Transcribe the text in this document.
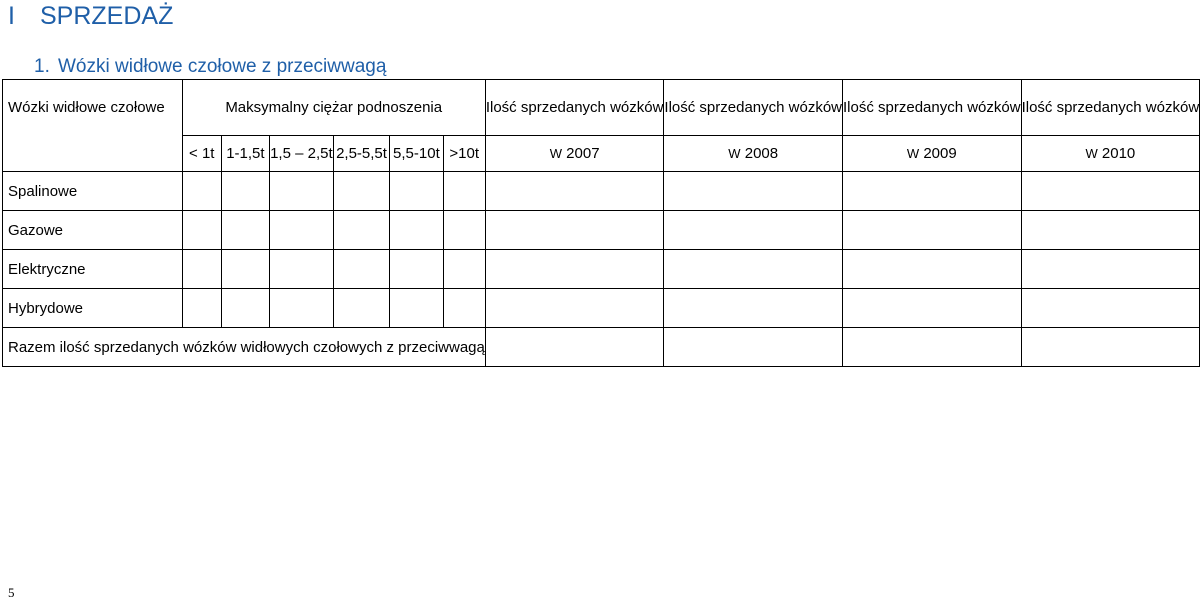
I SPRZEDAŻ
1. Wózki widłowe czołowe z przeciwwagą
Wózki widłowe czołowe	Maksymalny ciężar podnoszenia						Ilość sprzedanych wózków	Ilość sprzedanych wózków	Ilość sprzedanych wózków	Ilość sprzedanych wózków
	< 1t	1-1,5t	1,5 – 2,5t	2,5-5,5t	5,5-10t	>10t	W 2007	W 2008	W 2009	W 2010
Spalinowe										
Gazowe										
Elektryczne										
Hybrydowe										
Razem ilość sprzedanych wózków widłowych czołowych z przeciwwagą										
5
